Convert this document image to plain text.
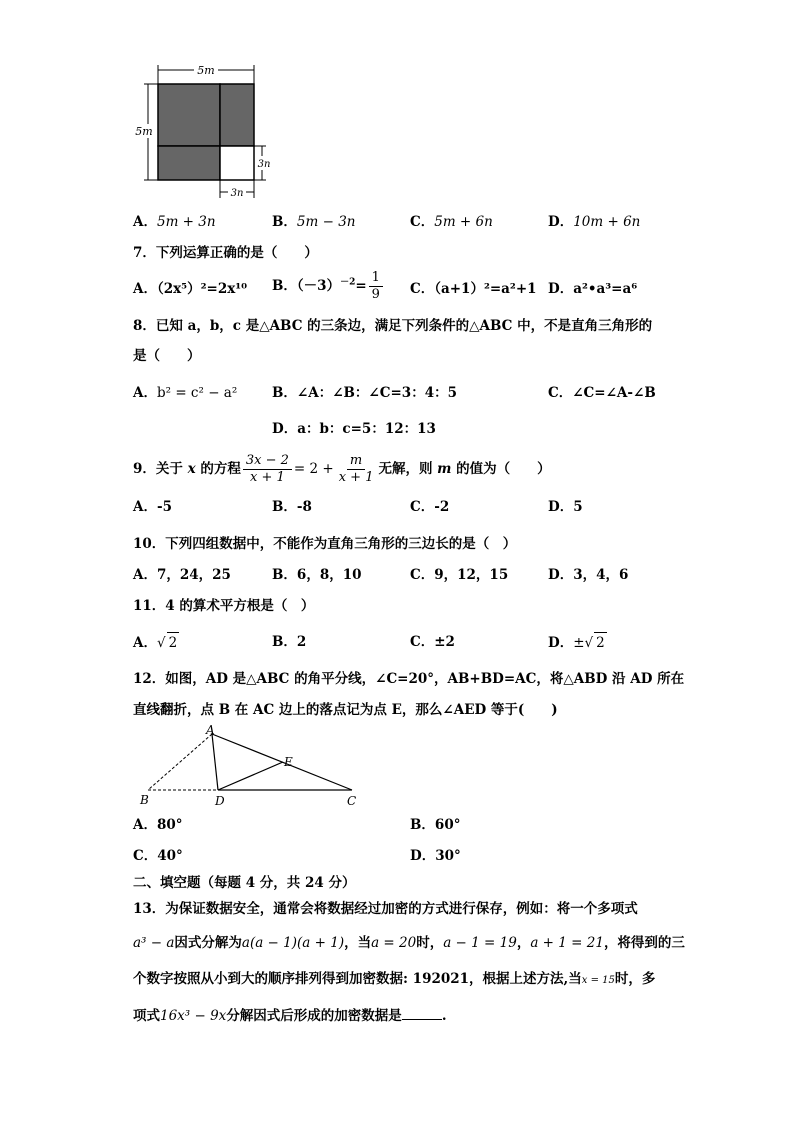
5m
5m
3n
3n
A．5m + 3n	B．5m − 3n	C．5m + 6n	D．10m + 6n
7．下列运算正确的是（　　）
A．（2x⁵）²=2x¹⁰ B．$(-3)^{-2}= \frac{1}{9}$ C．（a+1）²=a²+1 D．a²•a³=a⁶
8．已知 a，b，c 是△ABC 的三条边，满足下列条件的△ABC 中，不是直角三角形的
是（　　）
A．b² = c² − a²	B．∠A：∠B：∠C=3：4：5	C．∠C=∠A-∠B
D．a：b：c=5：12：13
9．关于 x 的方程 $\frac{3x - 2}{x + 1} = 2 + \frac{m}{x + 1}$ 无解，则 m 的值为（　　）
A．-5	B．-8	C．-2	D．5
10．下列四组数据中，不能作为直角三角形的三边长的是（　）
A．7，24，25	B．6，8，10	C．9，12，15	D．3，4，6
11．4 的算术平方根是（　）
A．√ 2	B．2	C．±2	D．±√ 2
12．如图，AD 是△ABC 的角平分线，∠C=20°，AB+BD=AC，将△ABD 沿 AD 所在
直线翻折，点 B 在 AC 边上的落点记为点 E，那么∠AED 等于(　　)
A
B	D	C
E
A．80°	B．60°
C．40°	D．30°
二、填空题（每题 4 分，共 24 分）
13．为保证数据安全，通常会将数据经过加密的方式进行保存，例如：将一个多项式
a³ − a因式分解为a(a − 1)(a + 1)，当a = 20时，a − 1 = 19，a + 1 = 21，将得到的三
个数字按照从小到大的顺序排列得到加密数据: 192021，根据上述方法,当x = 15时，多
项式16x³ − 9x分解因式后形成的加密数据是	.
